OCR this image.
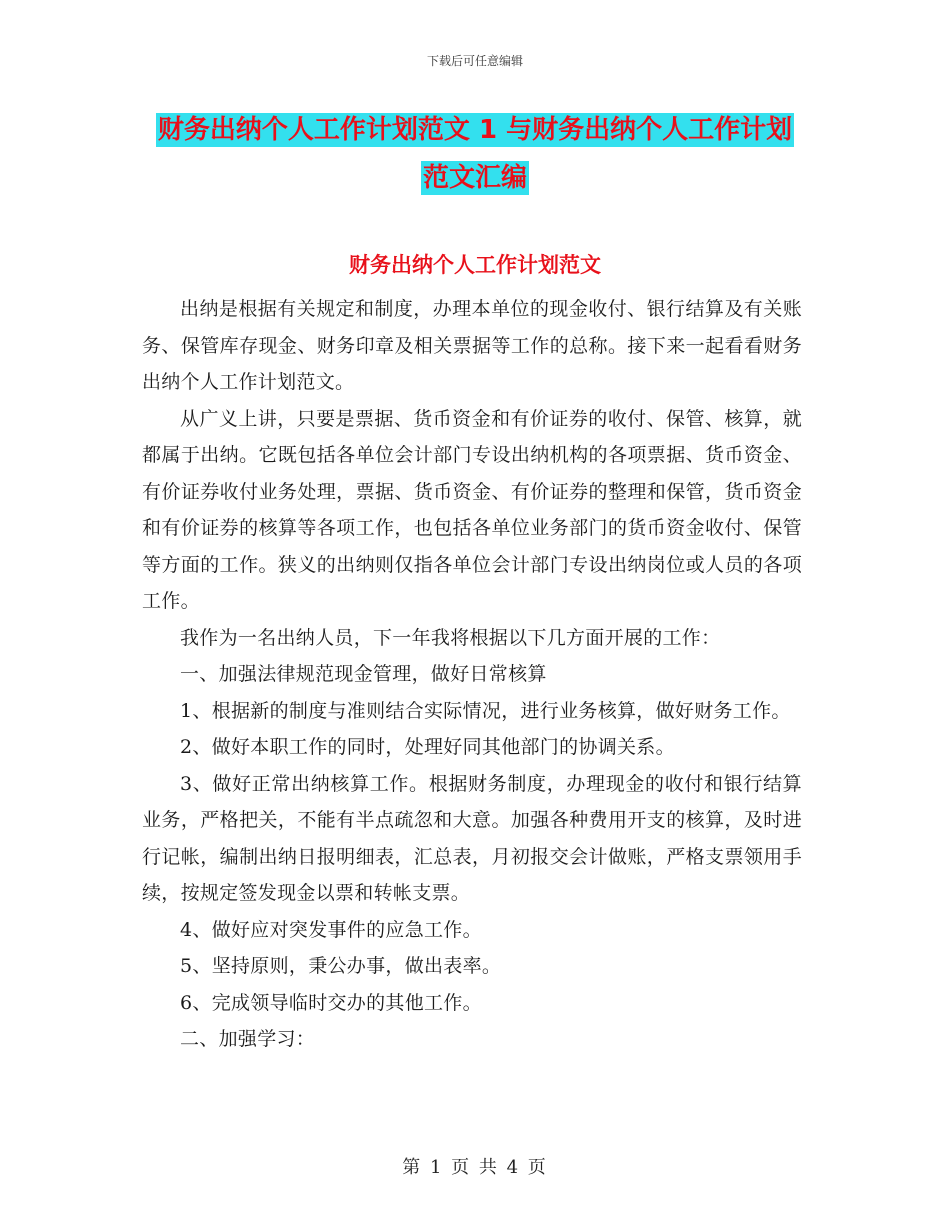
下载后可任意编辑
财务出纳个人工作计划范文 1 与财务出纳个人工作计划范文汇编
财务出纳个人工作计划范文

出纳是根据有关规定和制度，办理本单位的现金收付、银行结算及有关账务、保管库存现金、财务印章及相关票据等工作的总称。接下来一起看看财务出纳个人工作计划范文。

从广义上讲，只要是票据、货币资金和有价证券的收付、保管、核算，就都属于出纳。它既包括各单位会计部门专设出纳机构的各项票据、货币资金、有价证券收付业务处理，票据、货币资金、有价证券的整理和保管，货币资金和有价证券的核算等各项工作，也包括各单位业务部门的货币资金收付、保管等方面的工作。狭义的出纳则仅指各单位会计部门专设出纳岗位或人员的各项工作。

我作为一名出纳人员，下一年我将根据以下几方面开展的工作：

一、加强法律规范现金管理，做好日常核算

1、根据新的制度与准则结合实际情况，进行业务核算，做好财务工作。

2、做好本职工作的同时，处理好同其他部门的协调关系。

3、做好正常出纳核算工作。根据财务制度，办理现金的收付和银行结算业务，严格把关，不能有半点疏忽和大意。加强各种费用开支的核算，及时进行记帐，编制出纳日报明细表，汇总表，月初报交会计做账，严格支票领用手续，按规定签发现金以票和转帐支票。

4、做好应对突发事件的应急工作。

5、坚持原则，秉公办事，做出表率。

6、完成领导临时交办的其他工作。

二、加强学习：

第 1 页 共 4 页
